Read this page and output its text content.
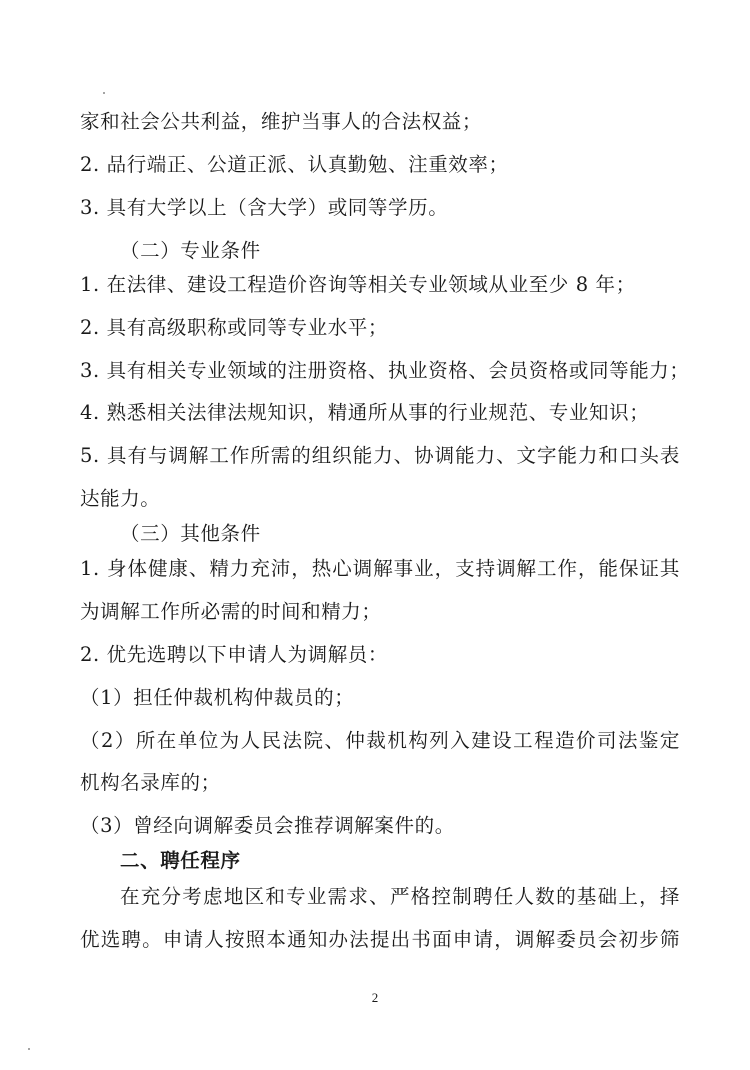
家和社会公共利益，维护当事人的合法权益；
2. 品行端正、公道正派、认真勤勉、注重效率；
3. 具有大学以上（含大学）或同等学历。
（二）专业条件
1. 在法律、建设工程造价咨询等相关专业领域从业至少 8 年；
2. 具有高级职称或同等专业水平；
3. 具有相关专业领域的注册资格、执业资格、会员资格或同等能力；
4. 熟悉相关法律法规知识，精通所从事的行业规范、专业知识；
5. 具有与调解工作所需的组织能力、协调能力、文字能力和口头表
达能力。
（三）其他条件
1. 身体健康、精力充沛，热心调解事业，支持调解工作，能保证其
为调解工作所必需的时间和精力；
2. 优先选聘以下申请人为调解员：
（1）担任仲裁机构仲裁员的；
（2）所在单位为人民法院、仲裁机构列入建设工程造价司法鉴定
机构名录库的；
（3）曾经向调解委员会推荐调解案件的。
二、聘任程序
在充分考虑地区和专业需求、严格控制聘任人数的基础上，择
优选聘。申请人按照本通知办法提出书面申请，调解委员会初步筛
2
